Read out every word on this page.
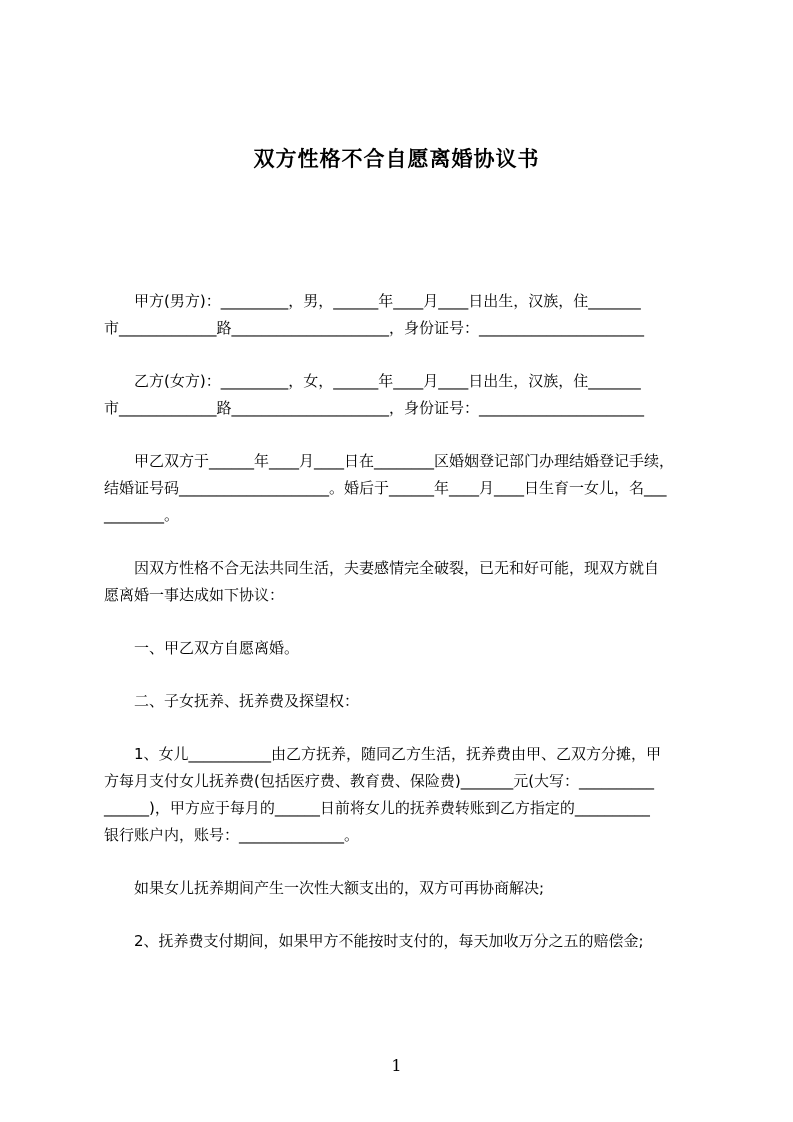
双方性格不合自愿离婚协议书
　　甲方(男方)：_________，男，______年____月____日出生，汉族，住_______
市_____________路_____________________，身份证号：______________________
　　乙方(女方)：_________，女，______年____月____日出生，汉族，住_______
市_____________路_____________________，身份证号：______________________
　　甲乙双方于______年____月____日在________区婚姻登记部门办理结婚登记手续，
结婚证号码____________________。婚后于______年____月____日生育一女儿，名___
________。
　　因双方性格不合无法共同生活，夫妻感情完全破裂，已无和好可能，现双方就自
愿离婚一事达成如下协议：
　　一、甲乙双方自愿离婚。
　　二、子女抚养、抚养费及探望权：
　　1、女儿___________由乙方抚养，随同乙方生活，抚养费由甲、乙双方分摊，甲
方每月支付女儿抚养费(包括医疗费、教育费、保险费)_______元(大写：__________
______)，甲方应于每月的______日前将女儿的抚养费转账到乙方指定的__________
银行账户内，账号：______________。
　　如果女儿抚养期间产生一次性大额支出的，双方可再协商解决;
　　2、抚养费支付期间，如果甲方不能按时支付的，每天加收万分之五的赔偿金;
1
